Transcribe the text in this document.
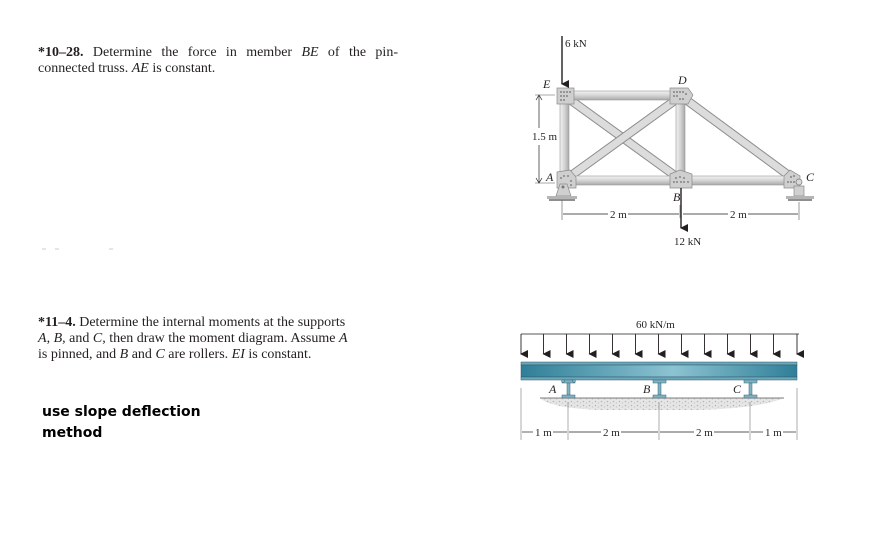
*10–28. Determine the force in member BE of the pin-connected truss. AE is constant.
*11–4. Determine the internal moments at the supports
A, B, and C, then draw the moment diagram. Assume A
is pinned, and B and C are rollers. EI is constant.
use slope deflection
method
E	D
A
B
C
6 kN
12 kN
1.5 m
2 m	2 m
60 kN/m
A	B	C
1 m	2 m	2 m	1 m
